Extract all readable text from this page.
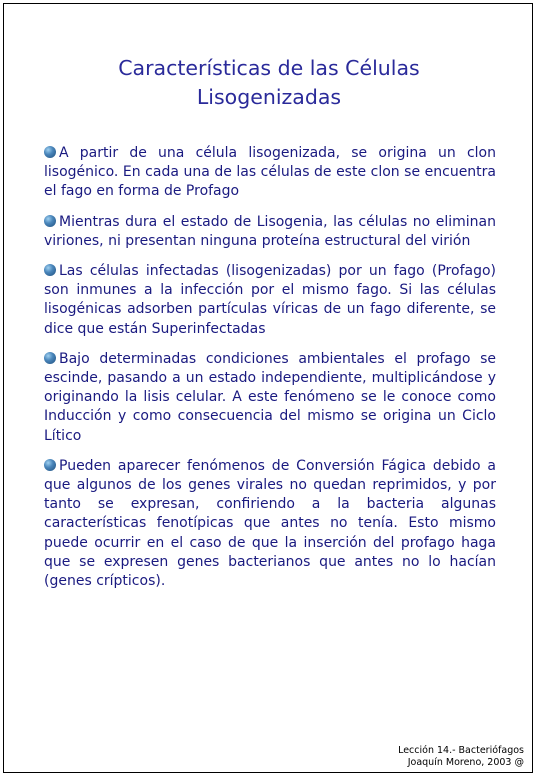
Características de las Células
Lisogenizadas

A partir de una célula lisogenizada, se origina un clon lisogénico. En cada una de las células de este clon se encuentra el fago en forma de Profago

Mientras dura el estado de Lisogenia, las células no eliminan viriones, ni presentan ninguna proteína estructural del virión

Las células infectadas (lisogenizadas) por un fago (Profago) son inmunes a la infección por el mismo fago. Si las células lisogénicas adsorben partículas víricas de un fago diferente, se dice que están Superinfectadas

Bajo determinadas condiciones ambientales el profago se escinde, pasando a un estado independiente, multiplicándose y originando la lisis celular. A este fenómeno se le conoce como Inducción y como consecuencia del mismo se origina un Ciclo Lítico

Pueden aparecer fenómenos de Conversión Fágica debido a que algunos de los genes virales no quedan reprimidos, y por tanto se expresan, confiriendo a la bacteria algunas características fenotípicas que antes no tenía. Esto mismo puede ocurrir en el caso de que la inserción del profago haga que se expresen genes bacterianos que antes no lo hacían (genes crípticos).

Lección 14.- Bacteriófagos
Joaquín Moreno, 2003 @
